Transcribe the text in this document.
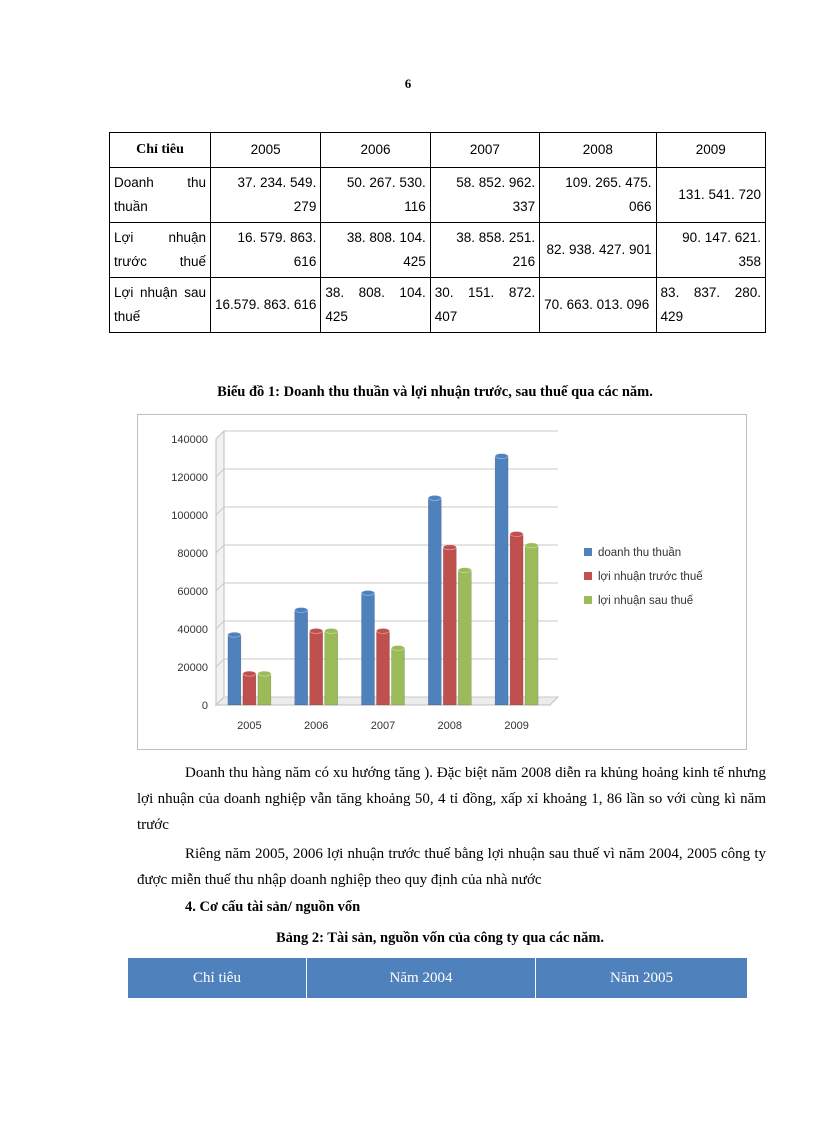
6
Chỉ tiêu	2005	2006	2007	2008	2009
Doanh thu thuần	37. 234. 549. 279	50. 267. 530. 116	58. 852. 962. 337	109. 265. 475. 066	131. 541. 720
Lợi nhuận trước thuế	16. 579. 863. 616	38. 808. 104. 425	38. 858. 251. 216	82. 938. 427. 901	90. 147. 621. 358
Lợi nhuận sau thuế	16.579. 863. 616	38. 808. 104. 425	30. 151. 872. 407	70. 663. 013. 096	83. 837. 280. 429
Biểu đồ 1: Doanh thu thuần và lợi nhuận trước, sau thuế qua các năm.
0
20000
40000
60000
80000
100000
120000
140000
2005	2006	2007	2008	2009
doanh thu thuần
lợi nhuận trước thuế
lợi nhuận sau thuế
Doanh thu hàng năm có xu hướng tăng ). Đặc biệt năm 2008 diễn ra khủng hoảng kinh tế nhưng lợi nhuận của doanh nghiệp vẫn tăng khoảng 50, 4 tỉ đồng, xấp xỉ khoảng 1, 86 lần so với cùng kì năm trước
Riêng năm 2005, 2006 lợi nhuận trước thuế bằng lợi nhuận sau thuế vì năm 2004, 2005 công ty được miễn thuế thu nhập doanh nghiệp theo quy định của nhà nước
4. Cơ cấu tài sản/ nguồn vốn
Bảng 2: Tài sản, nguồn vốn của công ty qua các năm.
Chỉ tiêu	Năm 2004	Năm 2005
